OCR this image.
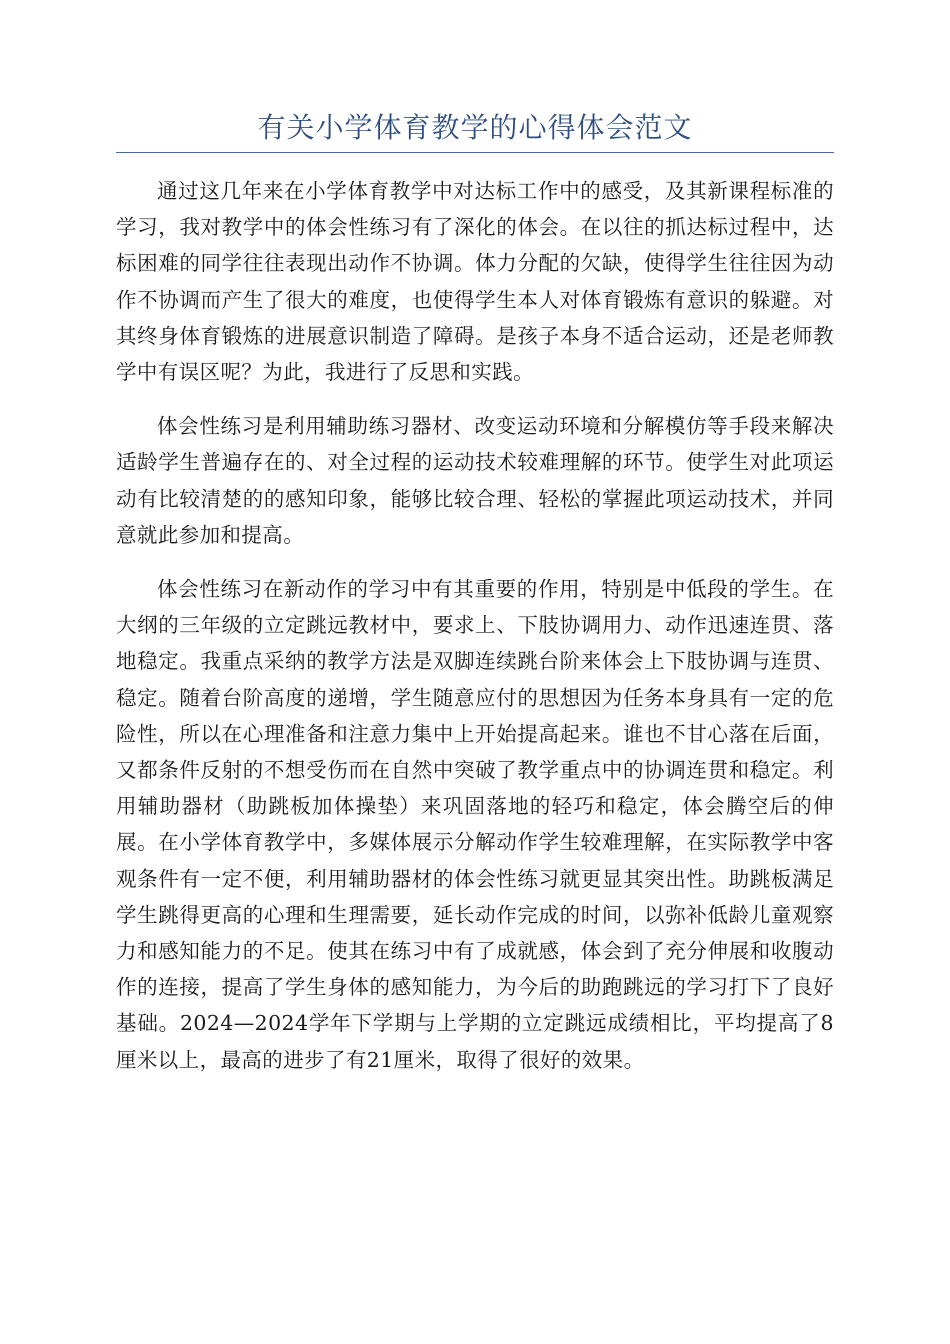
有关小学体育教学的心得体会范文

通过这几年来在小学体育教学中对达标工作中的感受，及其新课程标准的学习，我对教学中的体会性练习有了深化的体会。在以往的抓达标过程中，达标困难的同学往往表现出动作不协调。体力分配的欠缺，使得学生往往因为动作不协调而产生了很大的难度，也使得学生本人对体育锻炼有意识的躲避。对其终身体育锻炼的进展意识制造了障碍。是孩子本身不适合运动，还是老师教学中有误区呢？为此，我进行了反思和实践。

体会性练习是利用辅助练习器材、改变运动环境和分解模仿等手段来解决适龄学生普遍存在的、对全过程的运动技术较难理解的环节。使学生对此项运动有比较清楚的的感知印象，能够比较合理、轻松的掌握此项运动技术，并同意就此参加和提高。

体会性练习在新动作的学习中有其重要的作用，特别是中低段的学生。在大纲的三年级的立定跳远教材中，要求上、下肢协调用力、动作迅速连贯、落地稳定。我重点采纳的教学方法是双脚连续跳台阶来体会上下肢协调与连贯、稳定。随着台阶高度的递增，学生随意应付的思想因为任务本身具有一定的危险性，所以在心理准备和注意力集中上开始提高起来。谁也不甘心落在后面，又都条件反射的不想受伤而在自然中突破了教学重点中的协调连贯和稳定。利用辅助器材（助跳板加体操垫）来巩固落地的轻巧和稳定，体会腾空后的伸展。在小学体育教学中，多媒体展示分解动作学生较难理解，在实际教学中客观条件有一定不便，利用辅助器材的体会性练习就更显其突出性。助跳板满足学生跳得更高的心理和生理需要，延长动作完成的时间，以弥补低龄儿童观察力和感知能力的不足。使其在练习中有了成就感，体会到了充分伸展和收腹动作的连接，提高了学生身体的感知能力，为今后的助跑跳远的学习打下了良好基础。2024—2024学年下学期与上学期的立定跳远成绩相比，平均提高了8厘米以上，最高的进步了有21厘米，取得了很好的效果。
